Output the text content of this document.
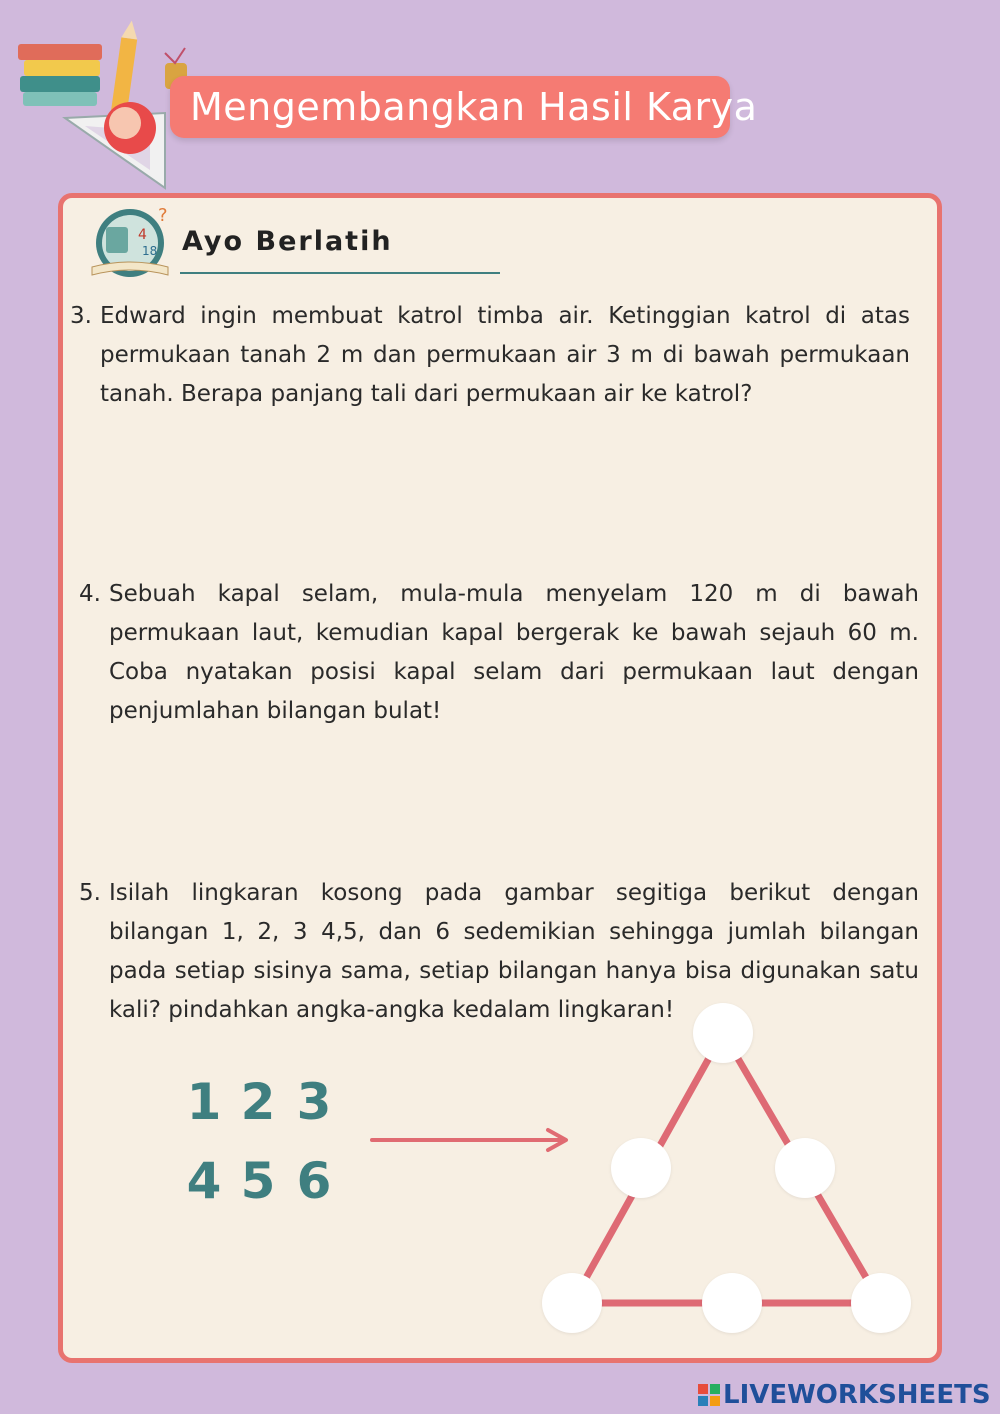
Mengembangkan Hasil Karya
4
18
?
Ayo Berlatih
3. Edward ingin membuat katrol timba air. Ketinggian katrol di atas permukaan tanah 2 m dan permukaan air 3 m di bawah permukaan tanah. Berapa panjang tali dari permukaan air ke katrol?
4. Sebuah kapal selam, mula-mula menyelam 120 m di bawah permukaan laut, kemudian kapal bergerak ke bawah sejauh 60 m. Coba nyatakan posisi kapal selam dari permukaan laut dengan penjumlahan bilangan bulat!
5. Isilah lingkaran kosong pada gambar segitiga berikut dengan bilangan 1, 2, 3 4,5, dan 6 sedemikian sehingga jumlah bilangan pada setiap sisinya sama, setiap bilangan hanya bisa digunakan satu kali? pindahkan angka-angka kedalam lingkaran!
1 2 3
4 5 6
LIVEWORKSHEETS
